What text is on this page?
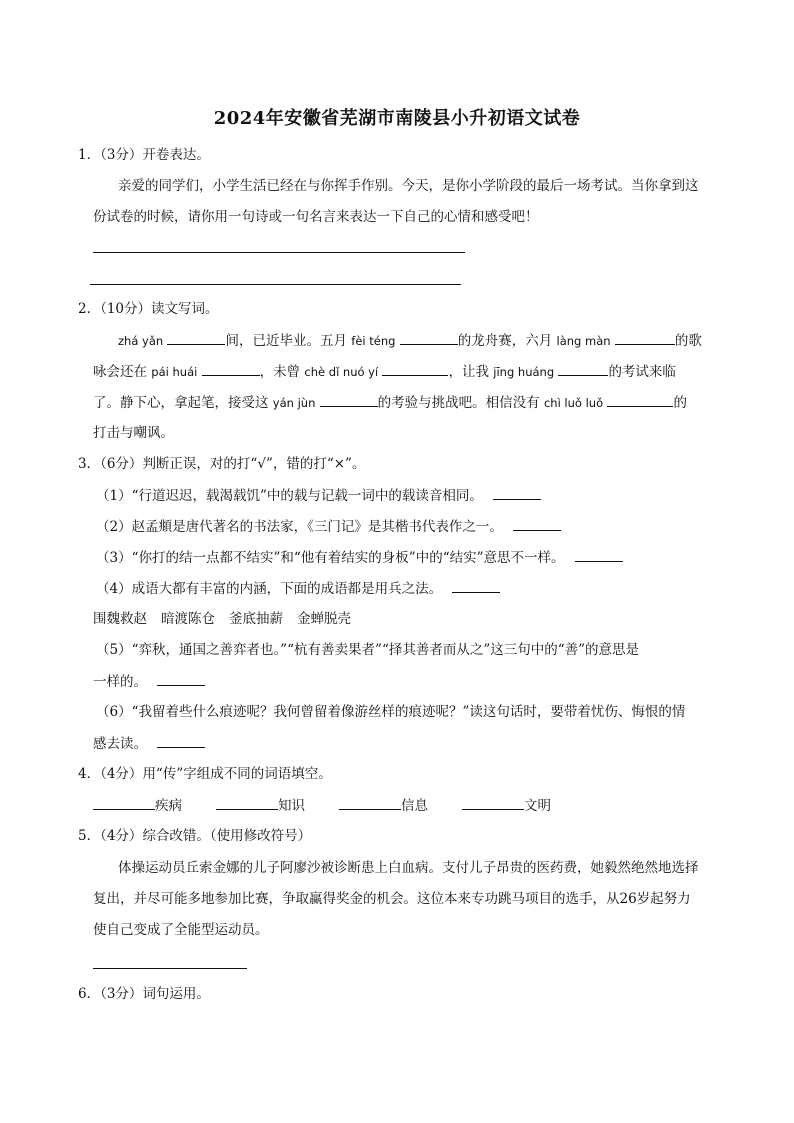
2024年安徽省芜湖市南陵县小升初语文试卷
1．（3分）开卷表达。
亲爱的同学们，小学生活已经在与你挥手作别。今天，是你小学阶段的最后一场考试。当你拿到这
份试卷的时候，请你用一句诗或一句名言来表达一下自己的心情和感受吧！
2．（10分）读文写词。
zhá yǎn	间，已近毕业。五月 fèi téng	的龙舟赛，六月 làng màn	的歌
咏会还在 pái huái	，未曾 chè dǐ nuó yí	，让我 jīng huáng	的考试来临
了。静下心，拿起笔，接受这 yán jùn	的考验与挑战吧。相信没有 chì luǒ luǒ	的
打击与嘲讽。
3．（6分）判断正误，对的打“√”，错的打“×”。
（1）“行道迟迟，载渴载饥”中的载与记载一词中的载读音相同。
（2）赵孟頫是唐代著名的书法家，《三门记》是其楷书代表作之一。
（3）“你打的结一点都不结实”和“他有着结实的身板”中的“结实”意思不一样。
（4）成语大都有丰富的内涵，下面的成语都是用兵之法。
围魏救赵 暗渡陈仓 釜底抽薪 金蝉脱壳
（5）“弈秋，通国之善弈者也。”“杭有善卖果者”“择其善者而从之”这三句中的“善”的意思是
一样的。
（6）“我留着些什么痕迹呢？我何曾留着像游丝样的痕迹呢？”读这句话时，要带着忧伤、悔恨的情
感去读。
4．（4分）用“传”字组成不同的词语填空。
疾病	知识	信息	文明
5．（4分）综合改错。（使用修改符号）
体操运动员丘索金娜的儿子阿廖沙被诊断患上白血病。支付儿子昂贵的医药费，她毅然绝然地选择
复出，并尽可能多地参加比赛，争取赢得奖金的机会。这位本来专功跳马项目的选手，从26岁起努力
使自己变成了全能型运动员。
6．（3分）词句运用。
